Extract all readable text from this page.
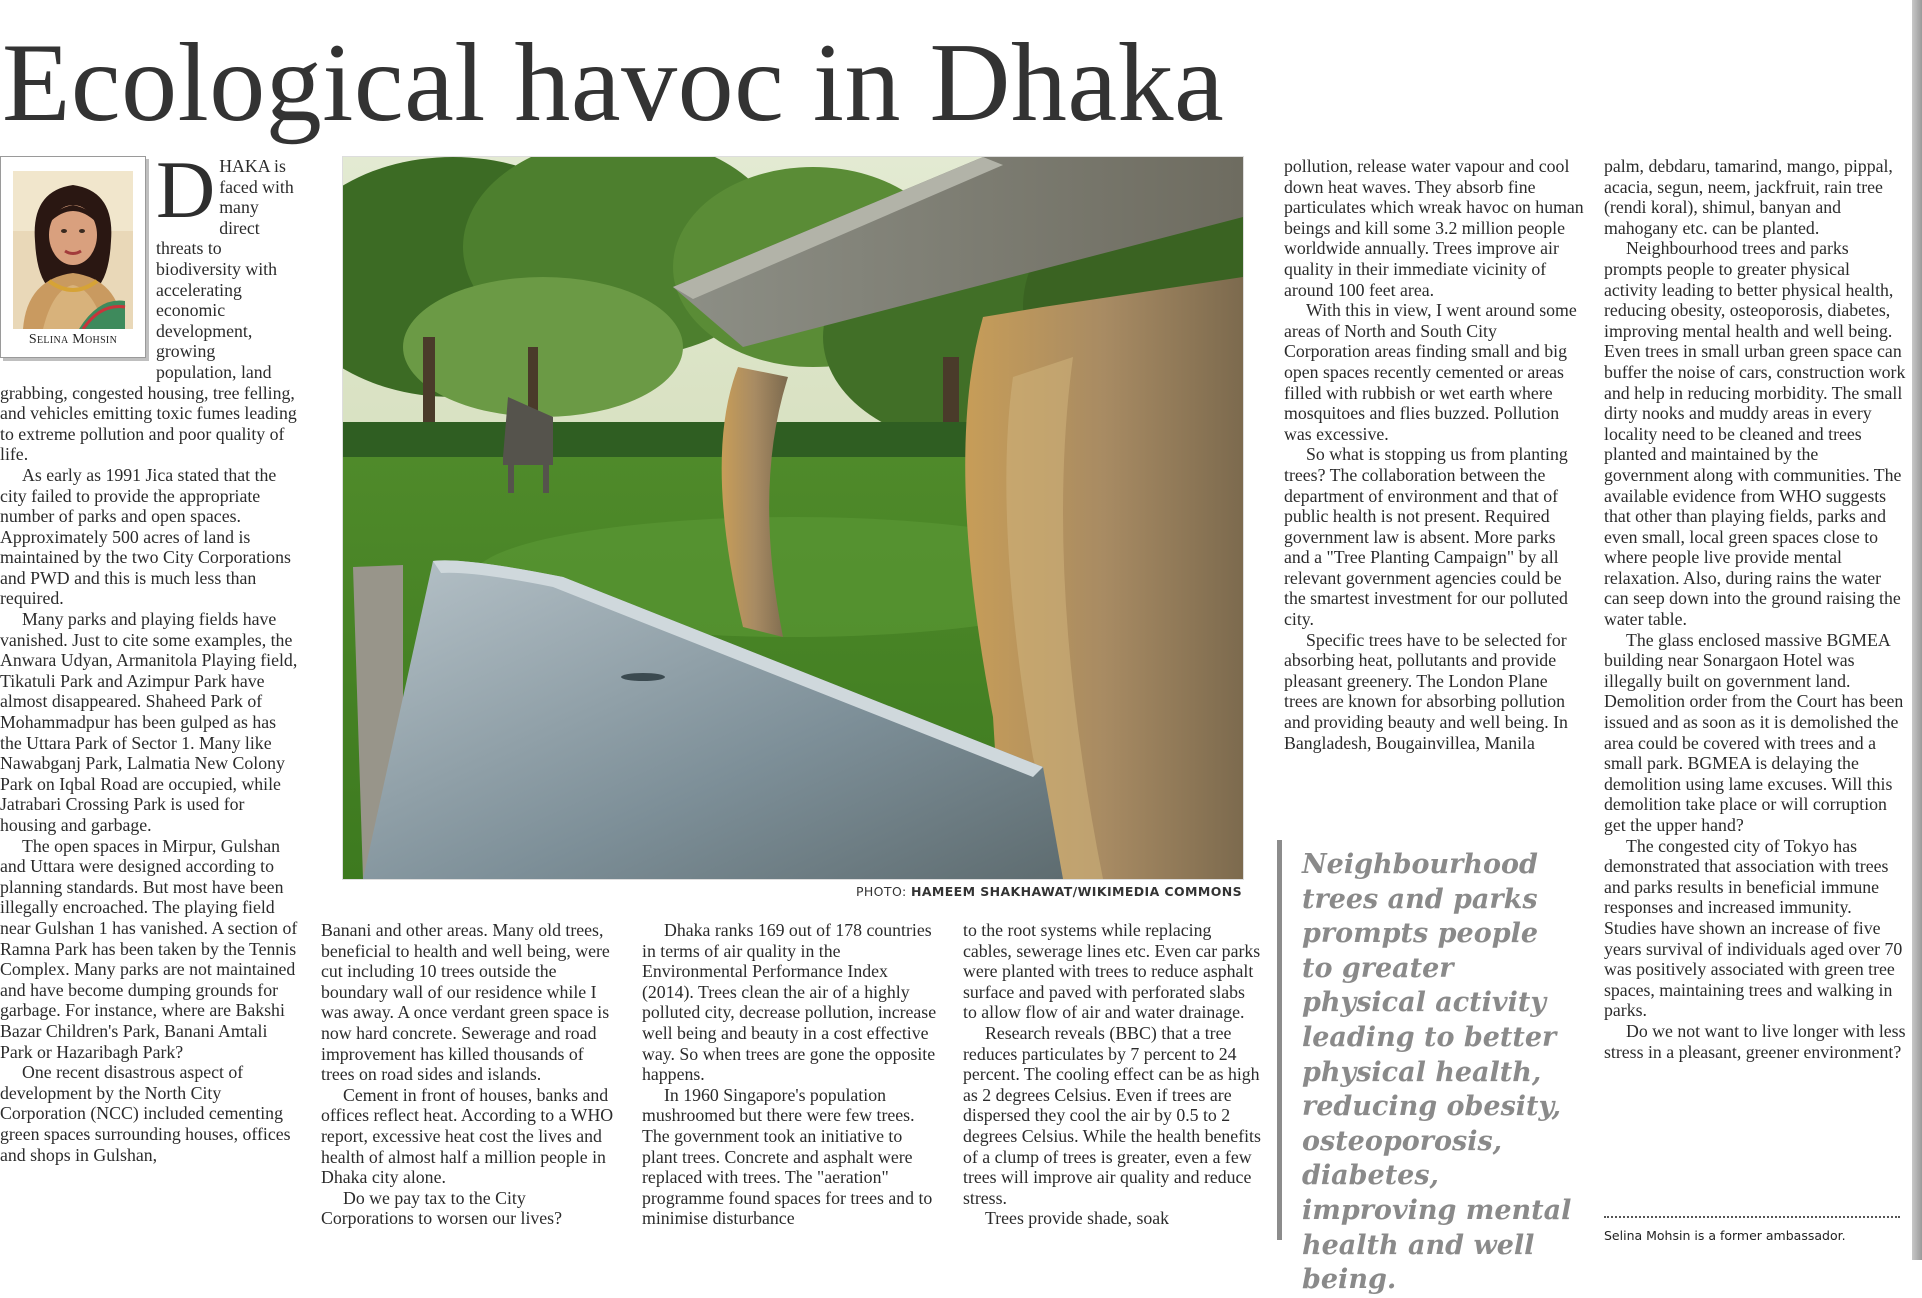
Ecological havoc in Dhaka
Selina Mohsin
D HAKA is faced with many direct threats to biodiversity with accelerating economic development, growing population, land grabbing, congested housing, tree felling, and vehicles emitting toxic fumes leading to extreme pollution and poor quality of life.

As early as 1991 Jica stated that the city failed to provide the appropriate number of parks and open spaces. Approximately 500 acres of land is maintained by the two City Corporations and PWD and this is much less than required.

Many parks and playing fields have vanished. Just to cite some examples, the Anwara Udyan, Armanitola Playing field, Tikatuli Park and Azimpur Park have almost disappeared. Shaheed Park of Mohammadpur has been gulped as has the Uttara Park of Sector 1. Many like Nawabganj Park, Lalmatia New Colony Park on Iqbal Road are occupied, while Jatrabari Crossing Park is used for housing and garbage.

The open spaces in Mirpur, Gulshan and Uttara were designed according to planning standards. But most have been illegally encroached. The playing field near Gulshan 1 has vanished. A section of Ramna Park has been taken by the Tennis Complex. Many parks are not maintained and have become dumping grounds for garbage. For instance, where are Bakshi Bazar Children's Park, Banani Amtali Park or Hazaribagh Park?

One recent disastrous aspect of development by the North City Corporation (NCC) included cementing green spaces surrounding houses, offices and shops in Gulshan,

PHOTO: HAMEEM SHAKHAWAT/WIKIMEDIA COMMONS

Banani and other areas. Many old trees, beneficial to health and well being, were cut including 10 trees outside the boundary wall of our residence while I was away. A once verdant green space is now hard concrete. Sewerage and road improvement has killed thousands of trees on road sides and islands.

Cement in front of houses, banks and offices reflect heat. According to a WHO report, excessive heat cost the lives and health of almost half a million people in Dhaka city alone.

Do we pay tax to the City Corporations to worsen our lives?

Dhaka ranks 169 out of 178 countries in terms of air quality in the Environmental Performance Index (2014). Trees clean the air of a highly polluted city, decrease pollution, increase well being and beauty in a cost effective way. So when trees are gone the opposite happens.

In 1960 Singapore's population mushroomed but there were few trees. The government took an initiative to plant trees. Concrete and asphalt were replaced with trees. The "aeration" programme found spaces for trees and to minimise disturbance

to the root systems while replacing cables, sewerage lines etc. Even car parks were planted with trees to reduce asphalt surface and paved with perforated slabs to allow flow of air and water drainage.

Research reveals (BBC) that a tree reduces particulates by 7 percent to 24 percent. The cooling effect can be as high as 2 degrees Celsius. Even if trees are dispersed they cool the air by 0.5 to 2 degrees Celsius. While the health benefits of a clump of trees is greater, even a few trees will improve air quality and reduce stress.

Trees provide shade, soak

pollution, release water vapour and cool down heat waves. They absorb fine particulates which wreak havoc on human beings and kill some 3.2 million people worldwide annually. Trees improve air quality in their immediate vicinity of around 100 feet area.

With this in view, I went around some areas of North and South City Corporation areas finding small and big open spaces recently cemented or areas filled with rubbish or wet earth where mosquitoes and flies buzzed. Pollution was excessive.

So what is stopping us from planting trees? The collaboration between the department of environment and that of public health is not present. Required government law is absent. More parks and a "Tree Planting Campaign" by all relevant government agencies could be the smartest investment for our polluted city.

Specific trees have to be selected for absorbing heat, pollutants and provide pleasant greenery. The London Plane trees are known for absorbing pollution and providing beauty and well being. In Bangladesh, Bougainvillea, Manila

Neighbourhood trees and parks prompts people to greater physical activity leading to better physical health, reducing obesity, osteoporosis, diabetes, improving mental health and well being.

palm, debdaru, tamarind, mango, pippal, acacia, segun, neem, jackfruit, rain tree (rendi koral), shimul, banyan and mahogany etc. can be planted.

Neighbourhood trees and parks prompts people to greater physical activity leading to better physical health, reducing obesity, osteoporosis, diabetes, improving mental health and well being. Even trees in small urban green space can buffer the noise of cars, construction work and help in reducing morbidity. The small dirty nooks and muddy areas in every locality need to be cleaned and trees planted and maintained by the government along with communities. The available evidence from WHO suggests that other than playing fields, parks and even small, local green spaces close to where people live provide mental relaxation. Also, during rains the water can seep down into the ground raising the water table.

The glass enclosed massive BGMEA building near Sonargaon Hotel was illegally built on government land. Demolition order from the Court has been issued and as soon as it is demolished the area could be covered with trees and a small park. BGMEA is delaying the demolition using lame excuses. Will this demolition take place or will corruption get the upper hand?

The congested city of Tokyo has demonstrated that association with trees and parks results in beneficial immune responses and increased immunity. Studies have shown an increase of five years survival of individuals aged over 70 was positively associated with green tree spaces, maintaining trees and walking in parks.

Do we not want to live longer with less stress in a pleasant, greener environment?

Selina Mohsin is a former ambassador.
